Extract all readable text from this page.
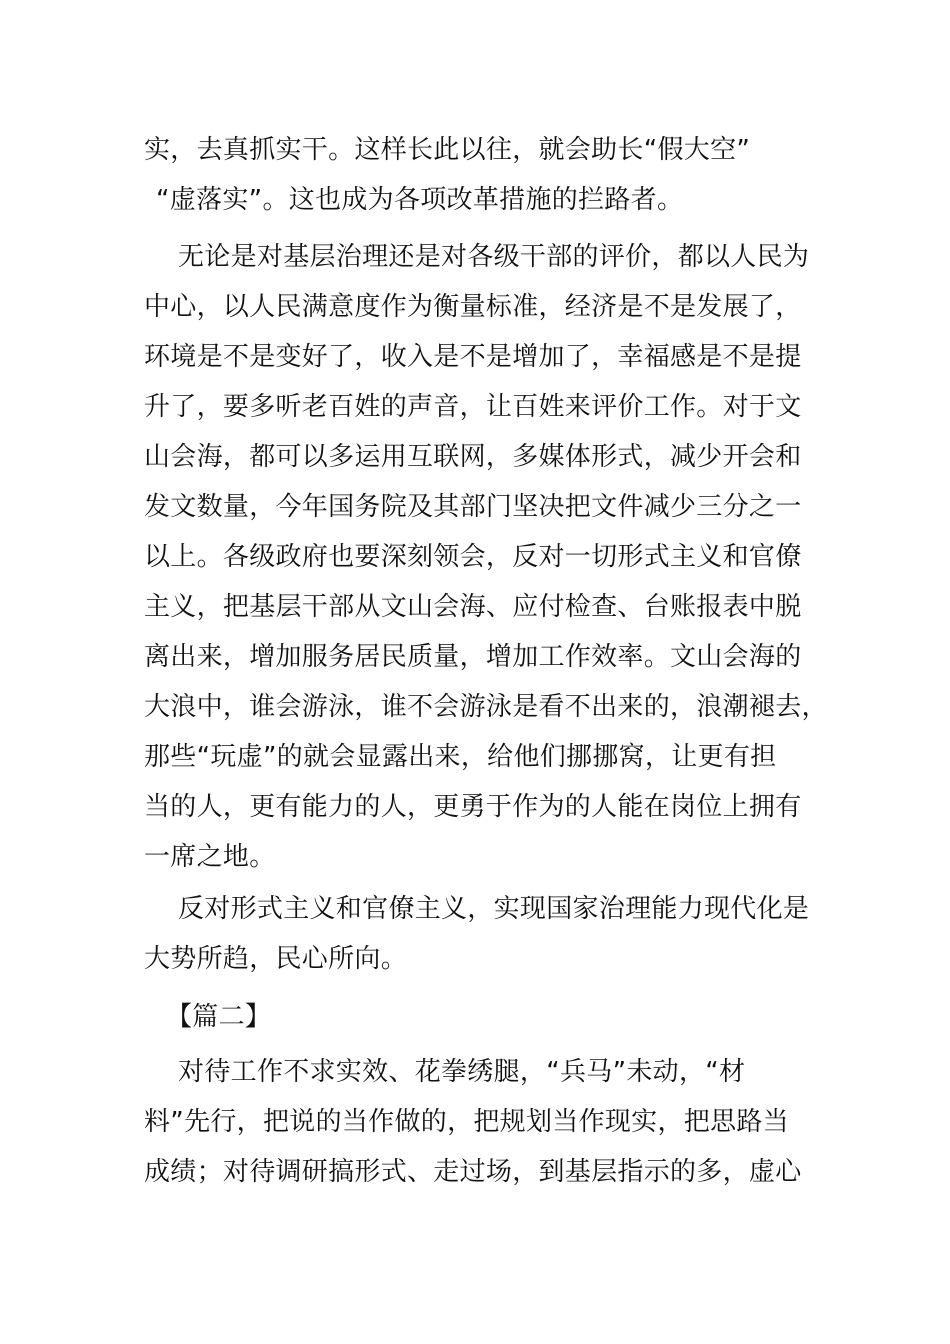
实，去真抓实干。这样长此以往，就会助长“假大空”
“虚落实”。这也成为各项改革措施的拦路者。
无论是对基层治理还是对各级干部的评价，都以人民为
中心，以人民满意度作为衡量标准，经济是不是发展了，
环境是不是变好了，收入是不是增加了，幸福感是不是提
升了，要多听老百姓的声音，让百姓来评价工作。对于文
山会海，都可以多运用互联网，多媒体形式，减少开会和
发文数量，今年国务院及其部门坚决把文件减少三分之一
以上。各级政府也要深刻领会，反对一切形式主义和官僚
主义，把基层干部从文山会海、应付检查、台账报表中脱
离出来，增加服务居民质量，增加工作效率。文山会海的
大浪中，谁会游泳，谁不会游泳是看不出来的，浪潮褪去，
那些“玩虚”的就会显露出来，给他们挪挪窝，让更有担
当的人，更有能力的人，更勇于作为的人能在岗位上拥有
一席之地。
反对形式主义和官僚主义，实现国家治理能力现代化是
大势所趋，民心所向。
【篇二】
对待工作不求实效、花拳绣腿，“兵马”未动，“材
料”先行，把说的当作做的，把规划当作现实，把思路当
成绩；对待调研搞形式、走过场，到基层指示的多，虚心
